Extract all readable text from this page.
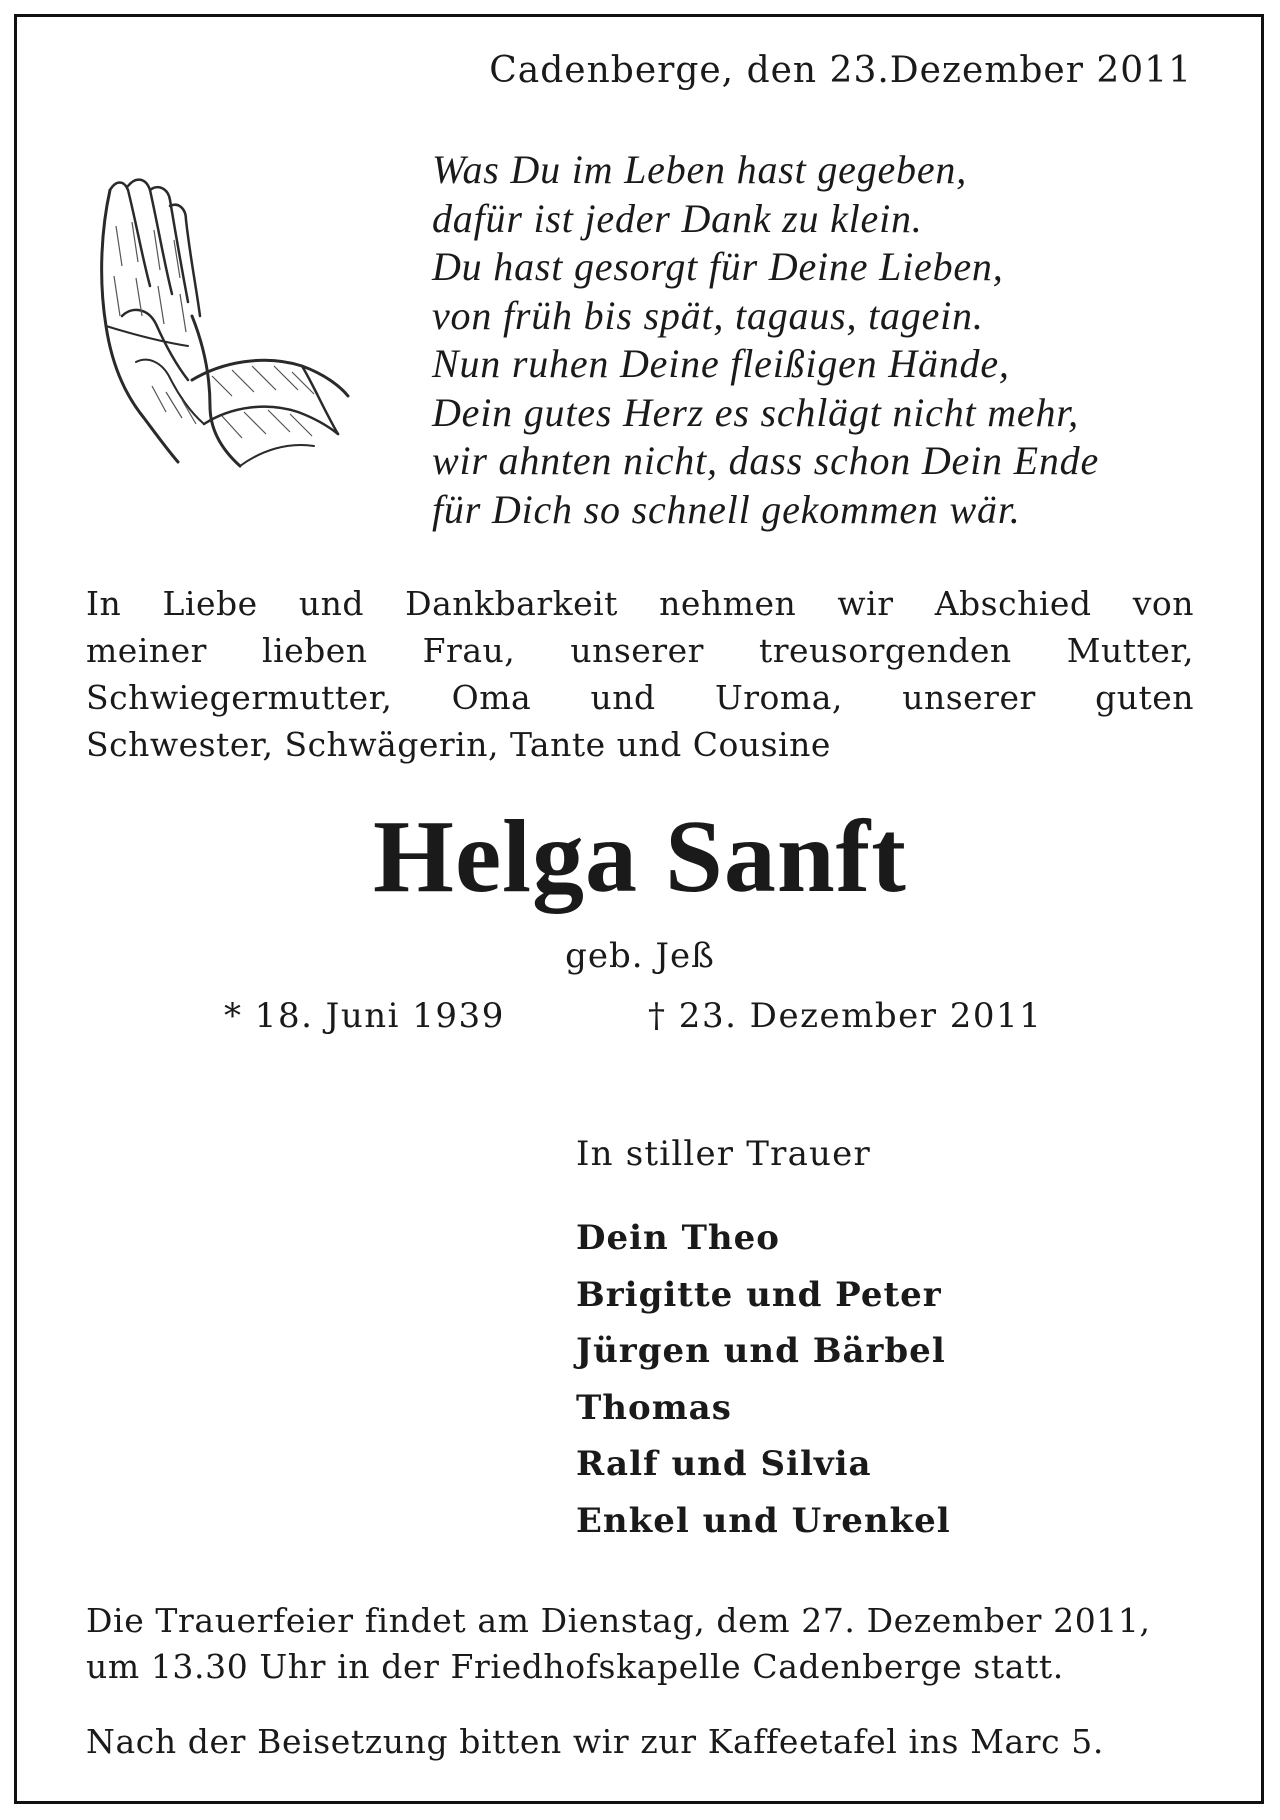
Cadenberge, den 23.Dezember 2011
Was Du im Leben hast gegeben,
dafür ist jeder Dank zu klein.
Du hast gesorgt für Deine Lieben,
von früh bis spät, tagaus, tagein.
Nun ruhen Deine fleißigen Hände,
Dein gutes Herz es schlägt nicht mehr,
wir ahnten nicht, dass schon Dein Ende
für Dich so schnell gekommen wär.
In Liebe und Dankbarkeit nehmen wir Abschied von
meiner lieben Frau, unserer treusorgenden Mutter,
Schwiegermutter, Oma und Uroma, unserer guten
Schwester, Schwägerin, Tante und Cousine
Helga Sanft
geb. Jeß
* 18. Juni 1939	† 23. Dezember 2011
In stiller Trauer
Dein Theo
Brigitte und Peter
Jürgen und Bärbel
Thomas
Ralf und Silvia
Enkel und Urenkel
Die Trauerfeier findet am Dienstag, dem 27. Dezember 2011,
um 13.30 Uhr in der Friedhofskapelle Cadenberge statt.
Nach der Beisetzung bitten wir zur Kaffeetafel ins Marc 5.
